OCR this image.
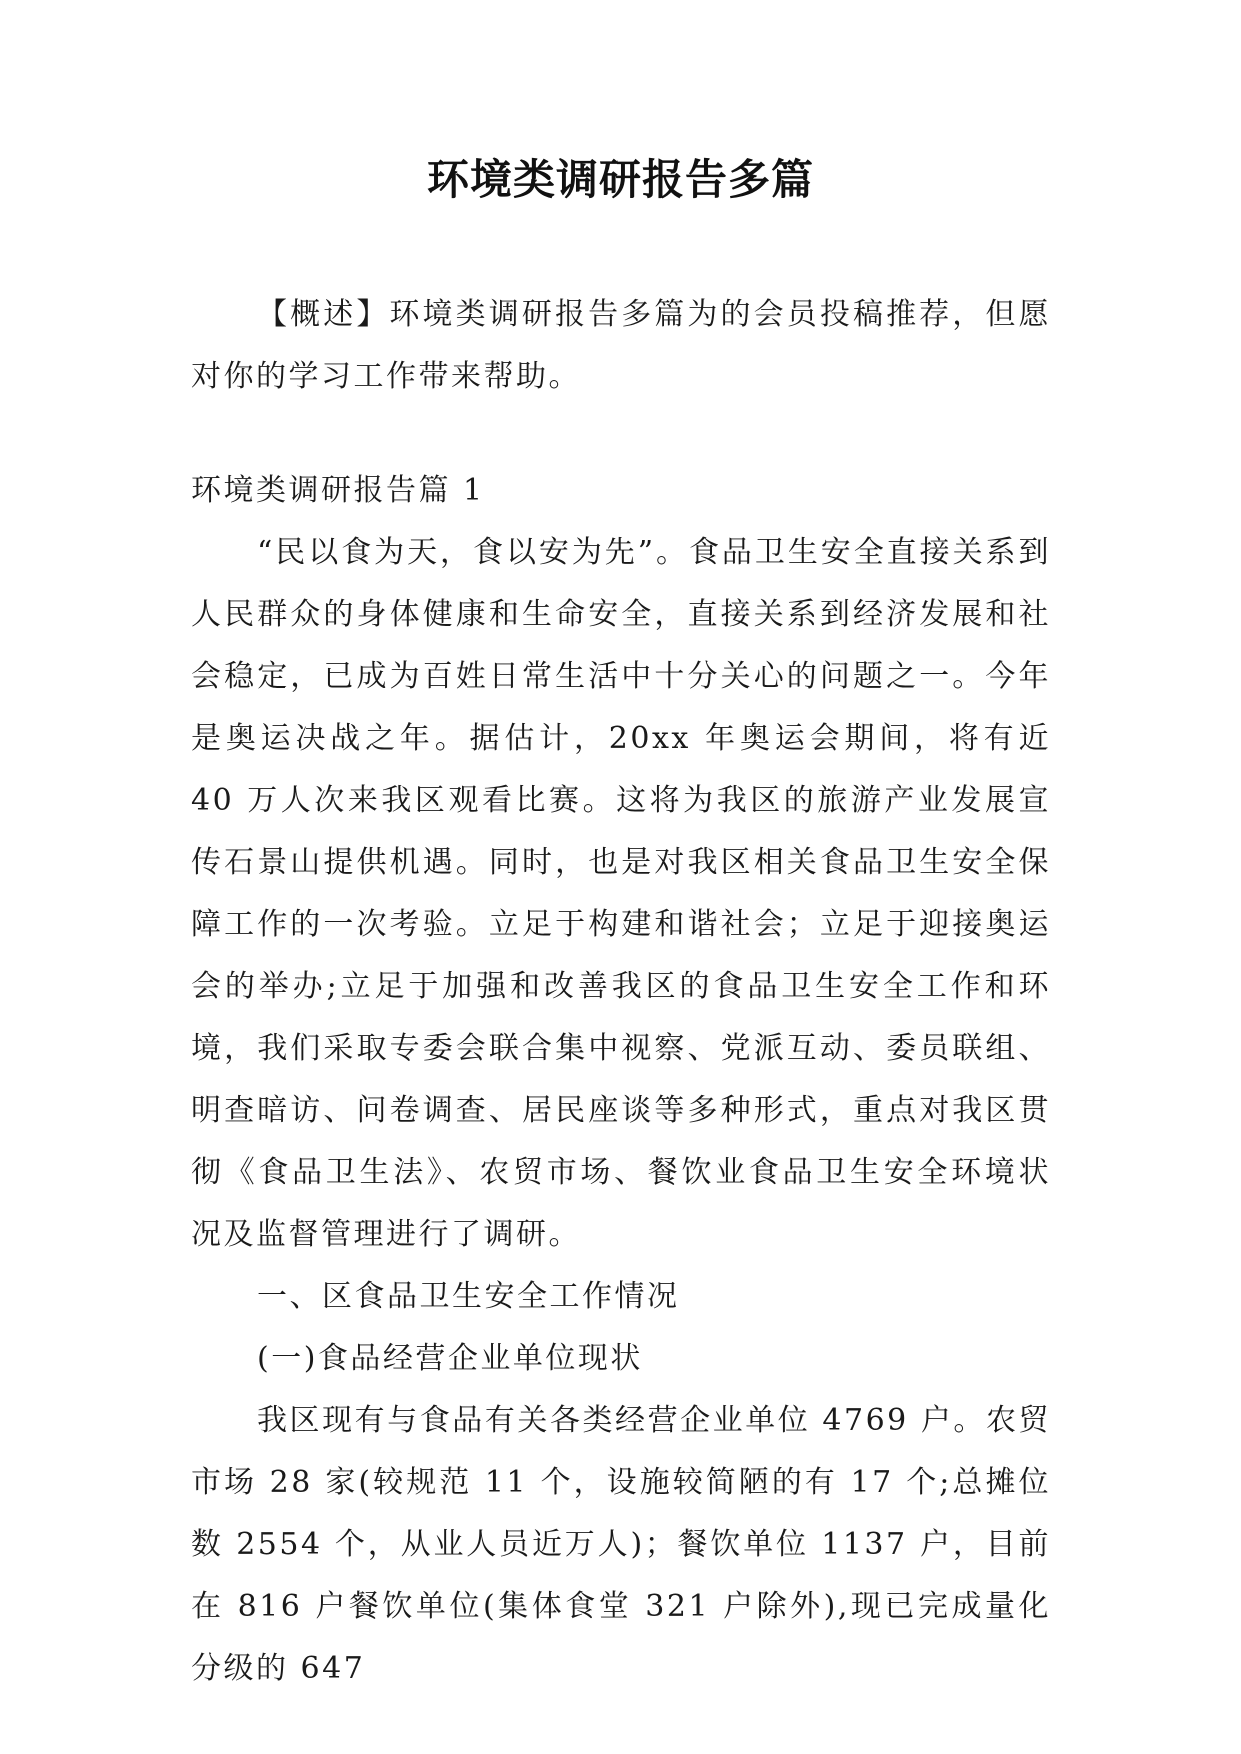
环境类调研报告多篇

【概述】环境类调研报告多篇为的会员投稿推荐，但愿对你的学习工作带来帮助。

环境类调研报告篇 1

“民以食为天，食以安为先”。食品卫生安全直接关系到人民群众的身体健康和生命安全，直接关系到经济发展和社会稳定，已成为百姓日常生活中十分关心的问题之一。今年是奥运决战之年。据估计，20xx 年奥运会期间，将有近 40 万人次来我区观看比赛。这将为我区的旅游产业发展宣传石景山提供机遇。同时，也是对我区相关食品卫生安全保障工作的一次考验。立足于构建和谐社会；立足于迎接奥运会的举办;立足于加强和改善我区的食品卫生安全工作和环境，我们采取专委会联合集中视察、党派互动、委员联组、明查暗访、问卷调查、居民座谈等多种形式，重点对我区贯彻《食品卫生法》、农贸市场、餐饮业食品卫生安全环境状况及监督管理进行了调研。

一、区食品卫生安全工作情况

(一)食品经营企业单位现状

我区现有与食品有关各类经营企业单位 4769 户。农贸市场 28 家(较规范 11 个，设施较简陋的有 17 个;总摊位数 2554 个，从业人员近万人)；餐饮单位 1137 户，目前在 816 户餐饮单位(集体食堂 321 户除外),现已完成量化分级的 647
